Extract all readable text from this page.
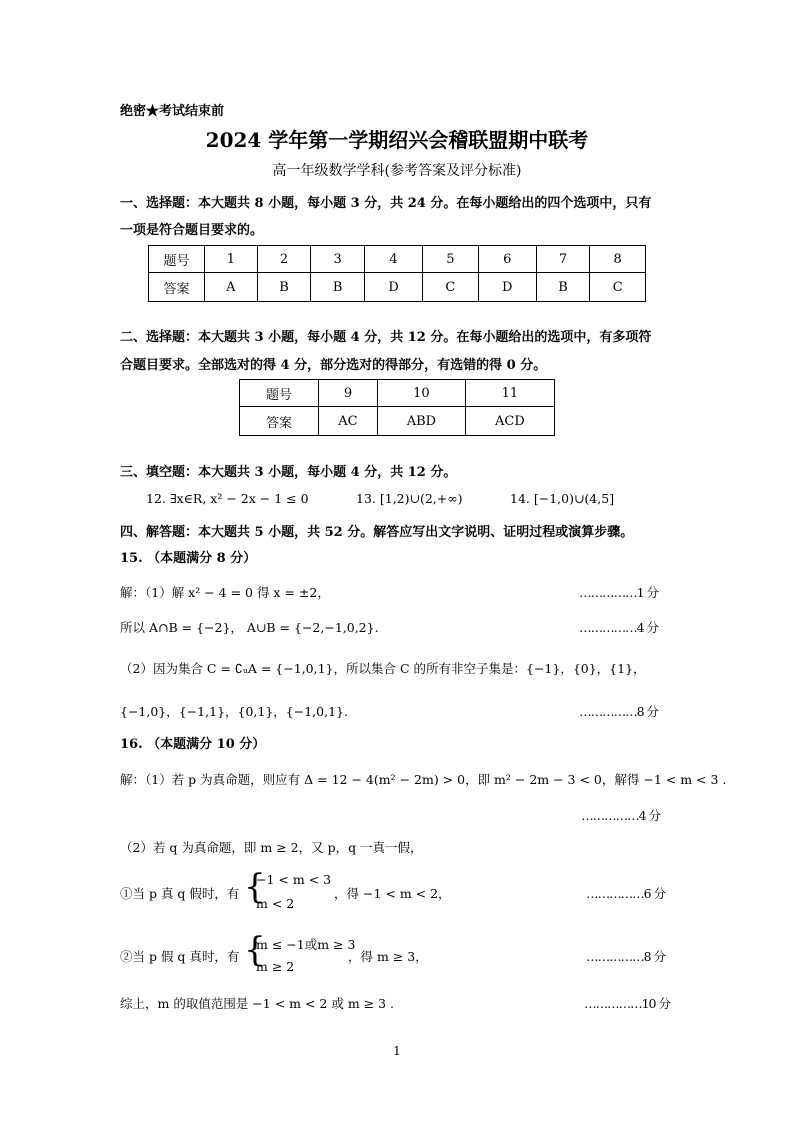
绝密★考试结束前
2024 学年第一学期绍兴会稽联盟期中联考
高一年级数学学科(参考答案及评分标准)
一、选择题：本大题共 8 小题，每小题 3 分，共 24 分。在每小题给出的四个选项中，只有
一项是符合题目要求的。
题号	1	2	3	4	5	6	7	8
答案	A	B	B	D	C	D	B	C
二、选择题：本大题共 3 小题，每小题 4 分，共 12 分。在每小题给出的选项中，有多项符
合题目要求。全部选对的得 4 分，部分选对的得部分，有选错的得 0 分。
题号	9	10	11
答案	AC	ABD	ACD
三、填空题：本大题共 3 小题，每小题 4 分，共 12 分。
12. ∃x∈R, x² − 2x − 1 ≤ 0	13. [1,2)∪(2,+∞)	14. [−1,0)∪(4,5]
四、解答题：本大题共 5 小题，共 52 分。解答应写出文字说明、证明过程或演算步骤。
15. （本题满分 8 分）
解：（1）解 x² − 4 = 0 得 x = ±2，	……………1 分
所以 A∩B = {−2}， A∪B = {−2,−1,0,2}.	……………4 分
（2）因为集合 C = ∁ᵤA = {−1,0,1}，所以集合 C 的所有非空子集是：{−1}，{0}，{1}，
{−1,0}，{−1,1}，{0,1}，{−1,0,1}.	……………8 分
16. （本题满分 10 分）
解：（1）若 p 为真命题，则应有 Δ = 12 − 4(m² − 2m) > 0，即 m² − 2m − 3 < 0，解得 −1 < m < 3 .
……………4 分
（2）若 q 为真命题，即 m ≥ 2，又 p，q 一真一假，
①当 p 真 q 假时，有 {
−1 < m < 3
m < 2
，得 −1 < m < 2，	……………6 分
②当 p 假 q 真时，有 {
m ≤ −1或m ≥ 3
m ≥ 2
，得 m ≥ 3，	……………8 分
综上，m 的取值范围是 −1 < m < 2 或 m ≥ 3 .	……………10 分
1
